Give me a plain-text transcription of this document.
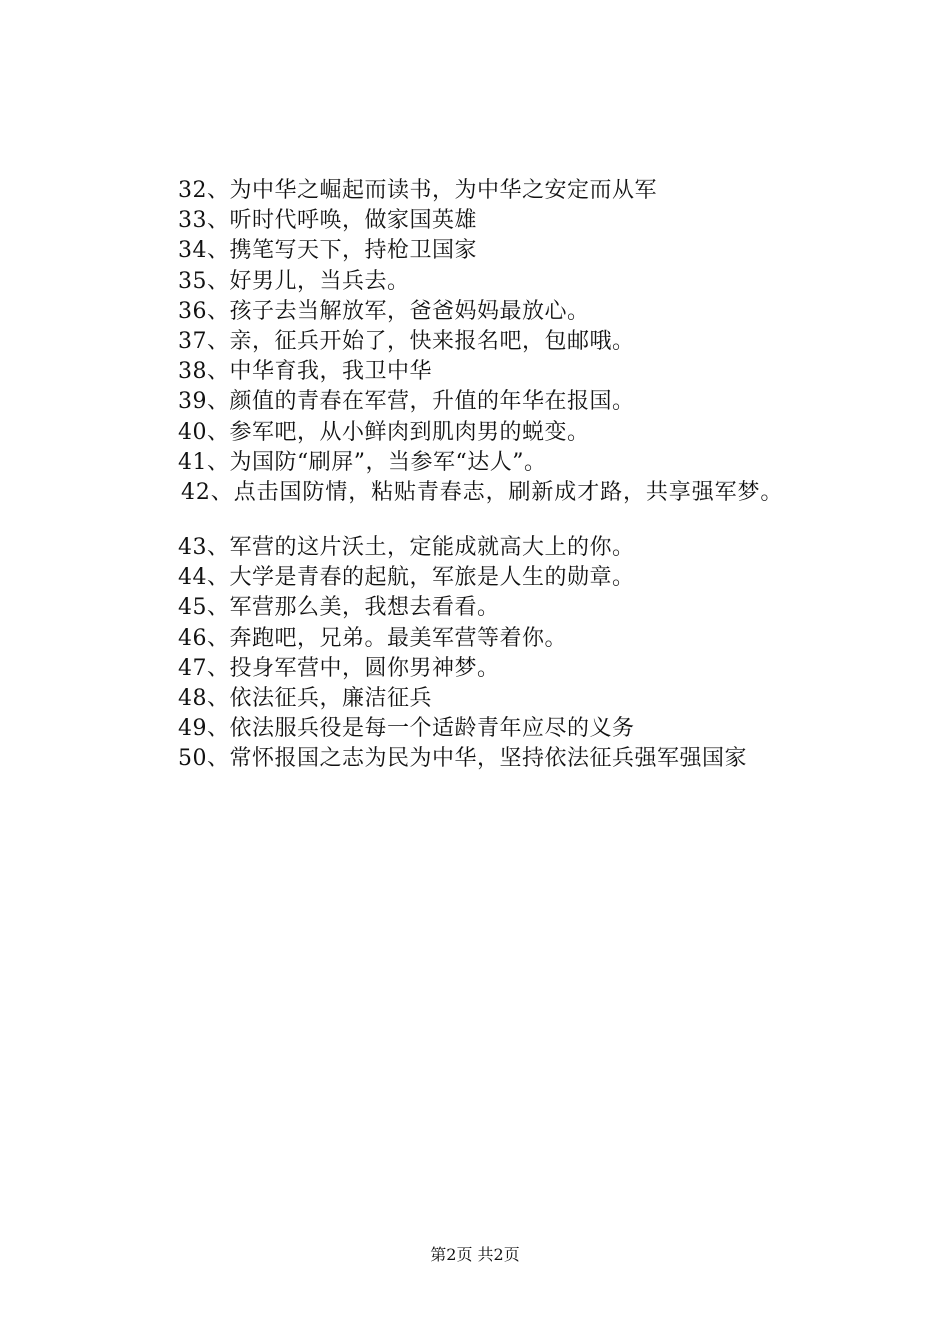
32、为中华之崛起而读书，为中华之安定而从军
33、听时代呼唤，做家国英雄
34、携笔写天下，持枪卫国家
35、好男儿，当兵去。
36、孩子去当解放军，爸爸妈妈最放心。
37、亲，征兵开始了，快来报名吧，包邮哦。
38、中华育我，我卫中华
39、颜值的青春在军营，升值的年华在报国。
40、参军吧，从小鲜肉到肌肉男的蜕变。
41、为国防“刷屏”，当参军“达人”。
42、点击国防情，粘贴青春志，刷新成才路，共享强军梦。
43、军营的这片沃土，定能成就高大上的你。
44、大学是青春的起航，军旅是人生的勋章。
45、军营那么美，我想去看看。
46、奔跑吧，兄弟。最美军营等着你。
47、投身军营中，圆你男神梦。
48、依法征兵，廉洁征兵
49、依法服兵役是每一个适龄青年应尽的义务
50、常怀报国之志为民为中华，坚持依法征兵强军强国家
第2页 共2页
